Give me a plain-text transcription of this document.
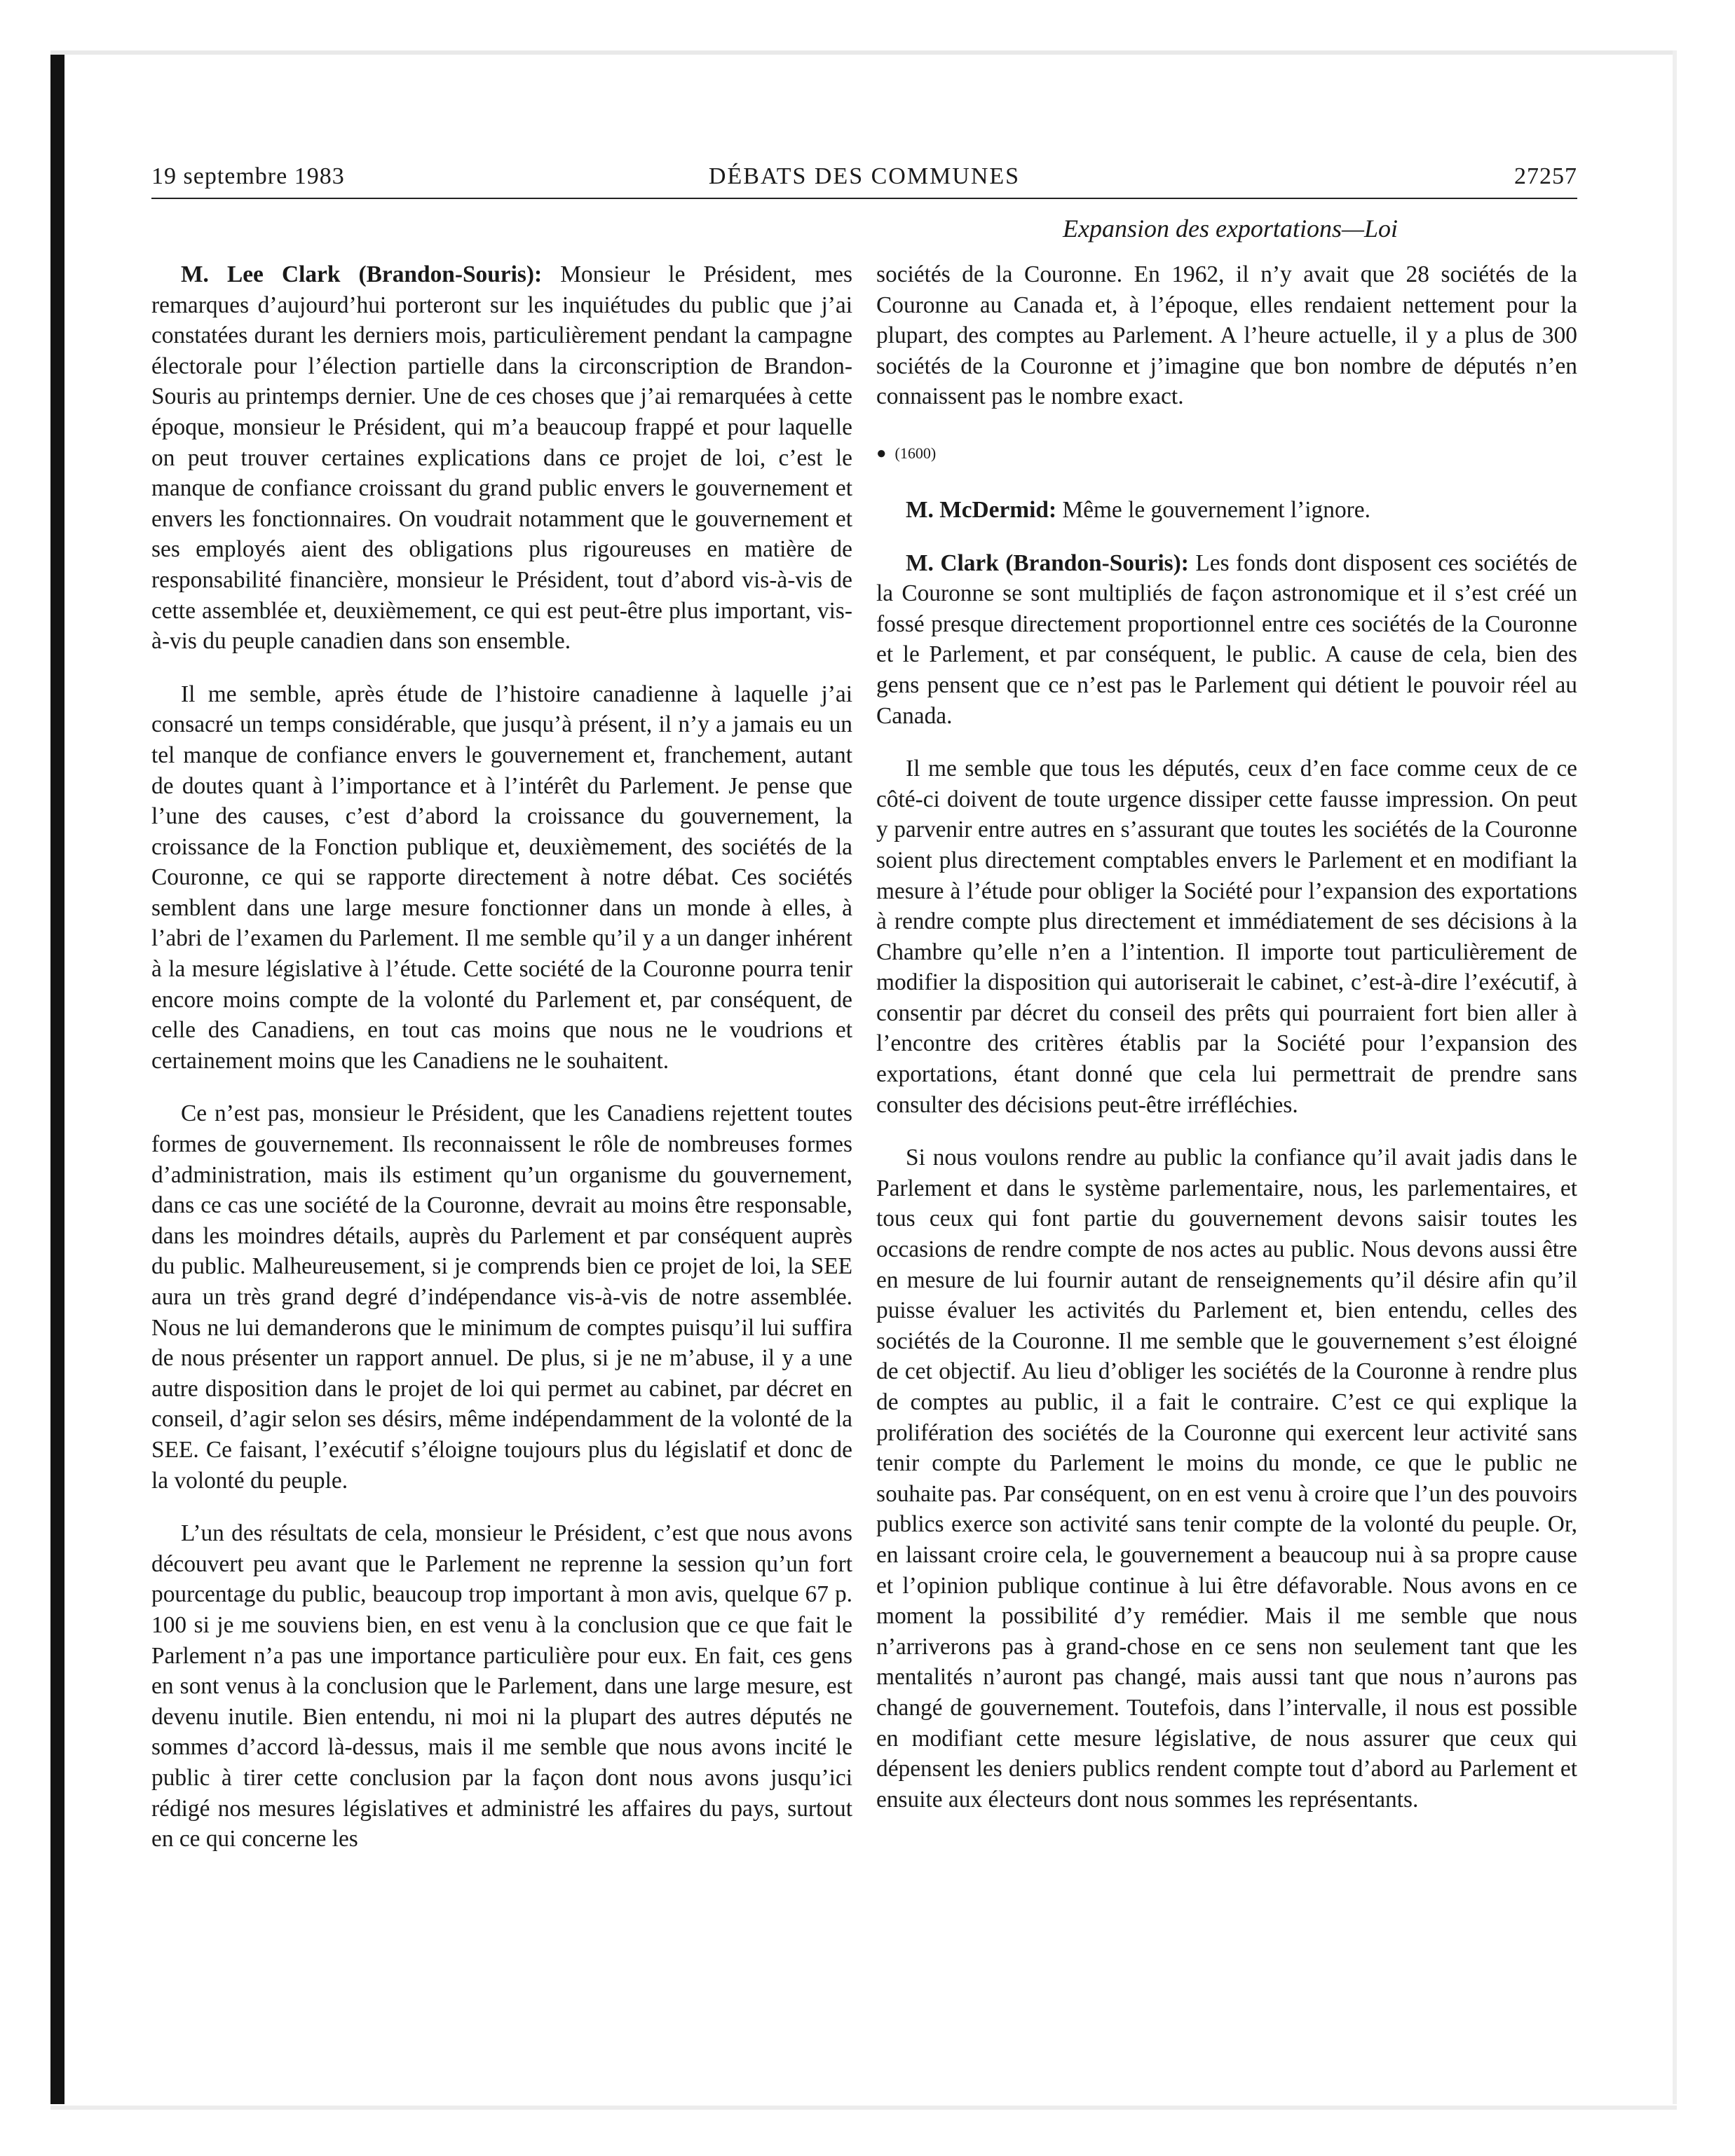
19 septembre 1983	DÉBATS DES COMMUNES	27257
Expansion des exportations—Loi

M. Lee Clark (Brandon-Souris): Monsieur le Président, mes remarques d’aujourd’hui porteront sur les inquiétudes du public que j’ai constatées durant les derniers mois, particulièrement pendant la campagne électorale pour l’élection partielle dans la circonscription de Brandon-Souris au printemps dernier. Une de ces choses que j’ai remarquées à cette époque, monsieur le Président, qui m’a beaucoup frappé et pour laquelle on peut trouver certaines explications dans ce projet de loi, c’est le manque de confiance croissant du grand public envers le gouvernement et envers les fonctionnaires. On voudrait notamment que le gouvernement et ses employés aient des obligations plus rigoureuses en matière de responsabilité financière, monsieur le Président, tout d’abord vis-à-vis de cette assemblée et, deuxièmement, ce qui est peut-être plus important, vis-à-vis du peuple canadien dans son ensemble.

Il me semble, après étude de l’histoire canadienne à laquelle j’ai consacré un temps considérable, que jusqu’à présent, il n’y a jamais eu un tel manque de confiance envers le gouvernement et, franchement, autant de doutes quant à l’importance et à l’intérêt du Parlement. Je pense que l’une des causes, c’est d’abord la croissance du gouvernement, la croissance de la Fonction publique et, deuxièmement, des sociétés de la Couronne, ce qui se rapporte directement à notre débat. Ces sociétés semblent dans une large mesure fonctionner dans un monde à elles, à l’abri de l’examen du Parlement. Il me semble qu’il y a un danger inhérent à la mesure législative à l’étude. Cette société de la Couronne pourra tenir encore moins compte de la volonté du Parlement et, par conséquent, de celle des Canadiens, en tout cas moins que nous ne le voudrions et certainement moins que les Canadiens ne le souhaitent.

Ce n’est pas, monsieur le Président, que les Canadiens rejettent toutes formes de gouvernement. Ils reconnaissent le rôle de nombreuses formes d’administration, mais ils estiment qu’un organisme du gouvernement, dans ce cas une société de la Couronne, devrait au moins être responsable, dans les moindres détails, auprès du Parlement et par conséquent auprès du public. Malheureusement, si je comprends bien ce projet de loi, la SEE aura un très grand degré d’indépendance vis-à-vis de notre assemblée. Nous ne lui demanderons que le minimum de comptes puisqu’il lui suffira de nous présenter un rapport annuel. De plus, si je ne m’abuse, il y a une autre disposition dans le projet de loi qui permet au cabinet, par décret en conseil, d’agir selon ses désirs, même indépendamment de la volonté de la SEE. Ce faisant, l’exécutif s’éloigne toujours plus du législatif et donc de la volonté du peuple.

L’un des résultats de cela, monsieur le Président, c’est que nous avons découvert peu avant que le Parlement ne reprenne la session qu’un fort pourcentage du public, beaucoup trop important à mon avis, quelque 67 p. 100 si je me souviens bien, en est venu à la conclusion que ce que fait le Parlement n’a pas une importance particulière pour eux. En fait, ces gens en sont venus à la conclusion que le Parlement, dans une large mesure, est devenu inutile. Bien entendu, ni moi ni la plupart des autres députés ne sommes d’accord là-dessus, mais il me semble que nous avons incité le public à tirer cette conclusion par la façon dont nous avons jusqu’ici rédigé nos mesures législatives et administré les affaires du pays, surtout en ce qui concerne les

sociétés de la Couronne. En 1962, il n’y avait que 28 sociétés de la Couronne au Canada et, à l’époque, elles rendaient nettement pour la plupart, des comptes au Parlement. A l’heure actuelle, il y a plus de 300 sociétés de la Couronne et j’imagine que bon nombre de députés n’en connaissent pas le nombre exact.

● (1600)

M. McDermid: Même le gouvernement l’ignore.

M. Clark (Brandon-Souris): Les fonds dont disposent ces sociétés de la Couronne se sont multipliés de façon astronomique et il s’est créé un fossé presque directement proportionnel entre ces sociétés de la Couronne et le Parlement, et par conséquent, le public. A cause de cela, bien des gens pensent que ce n’est pas le Parlement qui détient le pouvoir réel au Canada.

Il me semble que tous les députés, ceux d’en face comme ceux de ce côté-ci doivent de toute urgence dissiper cette fausse impression. On peut y parvenir entre autres en s’assurant que toutes les sociétés de la Couronne soient plus directement comptables envers le Parlement et en modifiant la mesure à l’étude pour obliger la Société pour l’expansion des exportations à rendre compte plus directement et immédiatement de ses décisions à la Chambre qu’elle n’en a l’intention. Il importe tout particulièrement de modifier la disposition qui autoriserait le cabinet, c’est-à-dire l’exécutif, à consentir par décret du conseil des prêts qui pourraient fort bien aller à l’encontre des critères établis par la Société pour l’expansion des exportations, étant donné que cela lui permettrait de prendre sans consulter des décisions peut-être irréfléchies.

Si nous voulons rendre au public la confiance qu’il avait jadis dans le Parlement et dans le système parlementaire, nous, les parlementaires, et tous ceux qui font partie du gouvernement devons saisir toutes les occasions de rendre compte de nos actes au public. Nous devons aussi être en mesure de lui fournir autant de renseignements qu’il désire afin qu’il puisse évaluer les activités du Parlement et, bien entendu, celles des sociétés de la Couronne. Il me semble que le gouvernement s’est éloigné de cet objectif. Au lieu d’obliger les sociétés de la Couronne à rendre plus de comptes au public, il a fait le contraire. C’est ce qui explique la prolifération des sociétés de la Couronne qui exercent leur activité sans tenir compte du Parlement le moins du monde, ce que le public ne souhaite pas. Par conséquent, on en est venu à croire que l’un des pouvoirs publics exerce son activité sans tenir compte de la volonté du peuple. Or, en laissant croire cela, le gouvernement a beaucoup nui à sa propre cause et l’opinion publique continue à lui être défavorable. Nous avons en ce moment la possibilité d’y remédier. Mais il me semble que nous n’arriverons pas à grand-chose en ce sens non seulement tant que les mentalités n’auront pas changé, mais aussi tant que nous n’aurons pas changé de gouvernement. Toutefois, dans l’intervalle, il nous est possible en modifiant cette mesure législative, de nous assurer que ceux qui dépensent les deniers publics rendent compte tout d’abord au Parlement et ensuite aux électeurs dont nous sommes les représentants.
